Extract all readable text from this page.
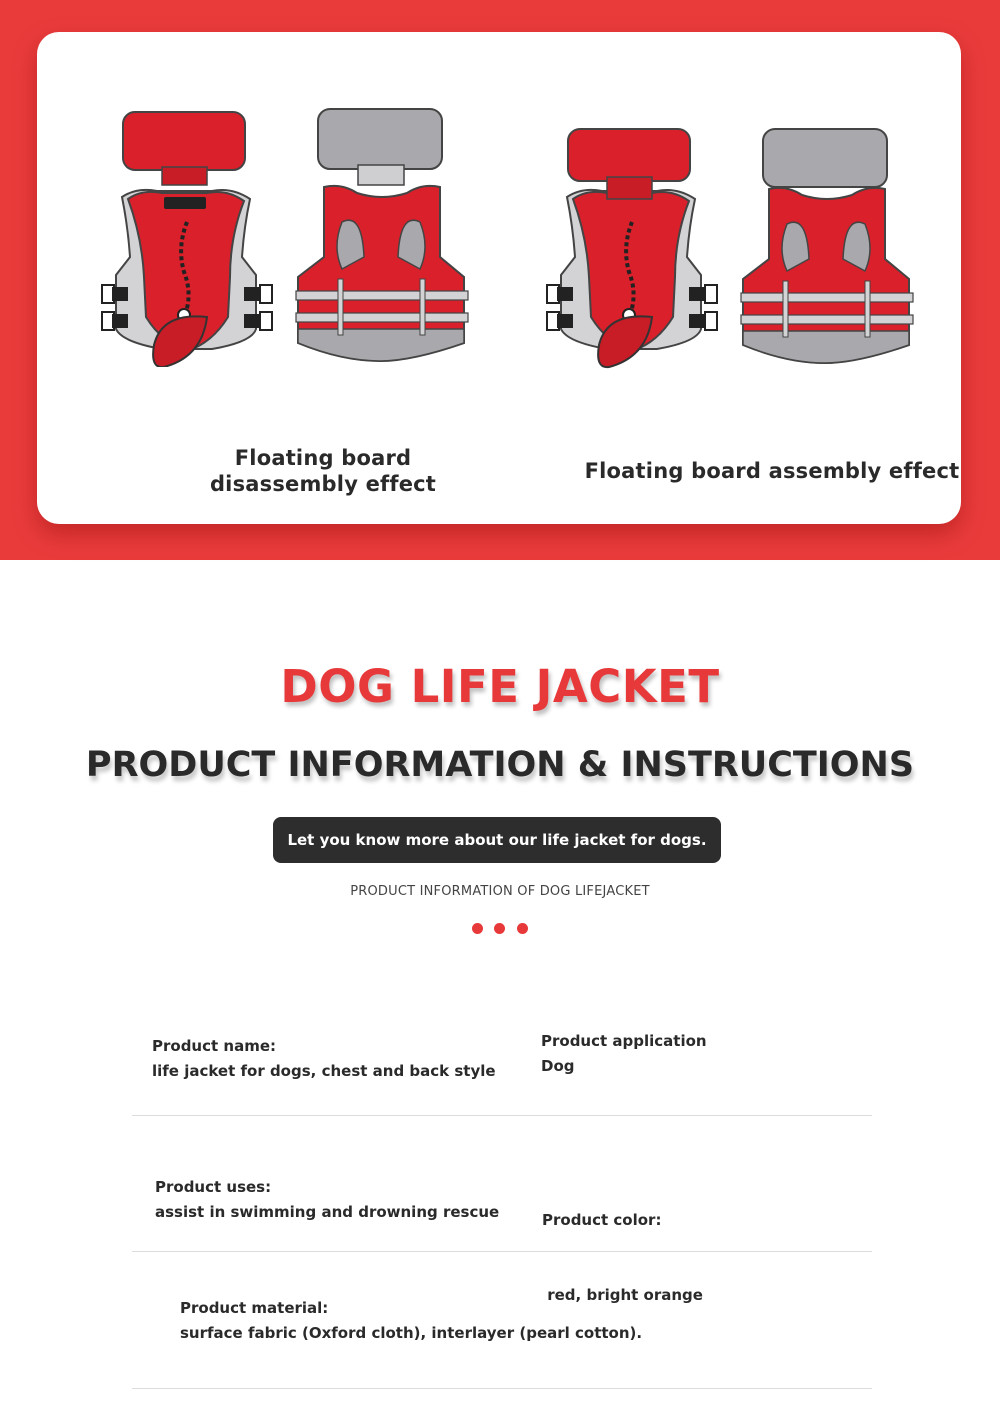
Floating board
disassembly effect
Floating board assembly effect
DOG LIFE JACKET
PRODUCT INFORMATION & INSTRUCTIONS
Let you know more about our life jacket for dogs.
PRODUCT INFORMATION OF DOG LIFEJACKET
Product name:
life jacket for dogs, chest and back style
Product application
Dog
Product uses:
assist in swimming and drowning rescue

	Product color:

red, bright orange

Product material:
surface fabric (Oxford cloth), interlayer (pearl cotton).
